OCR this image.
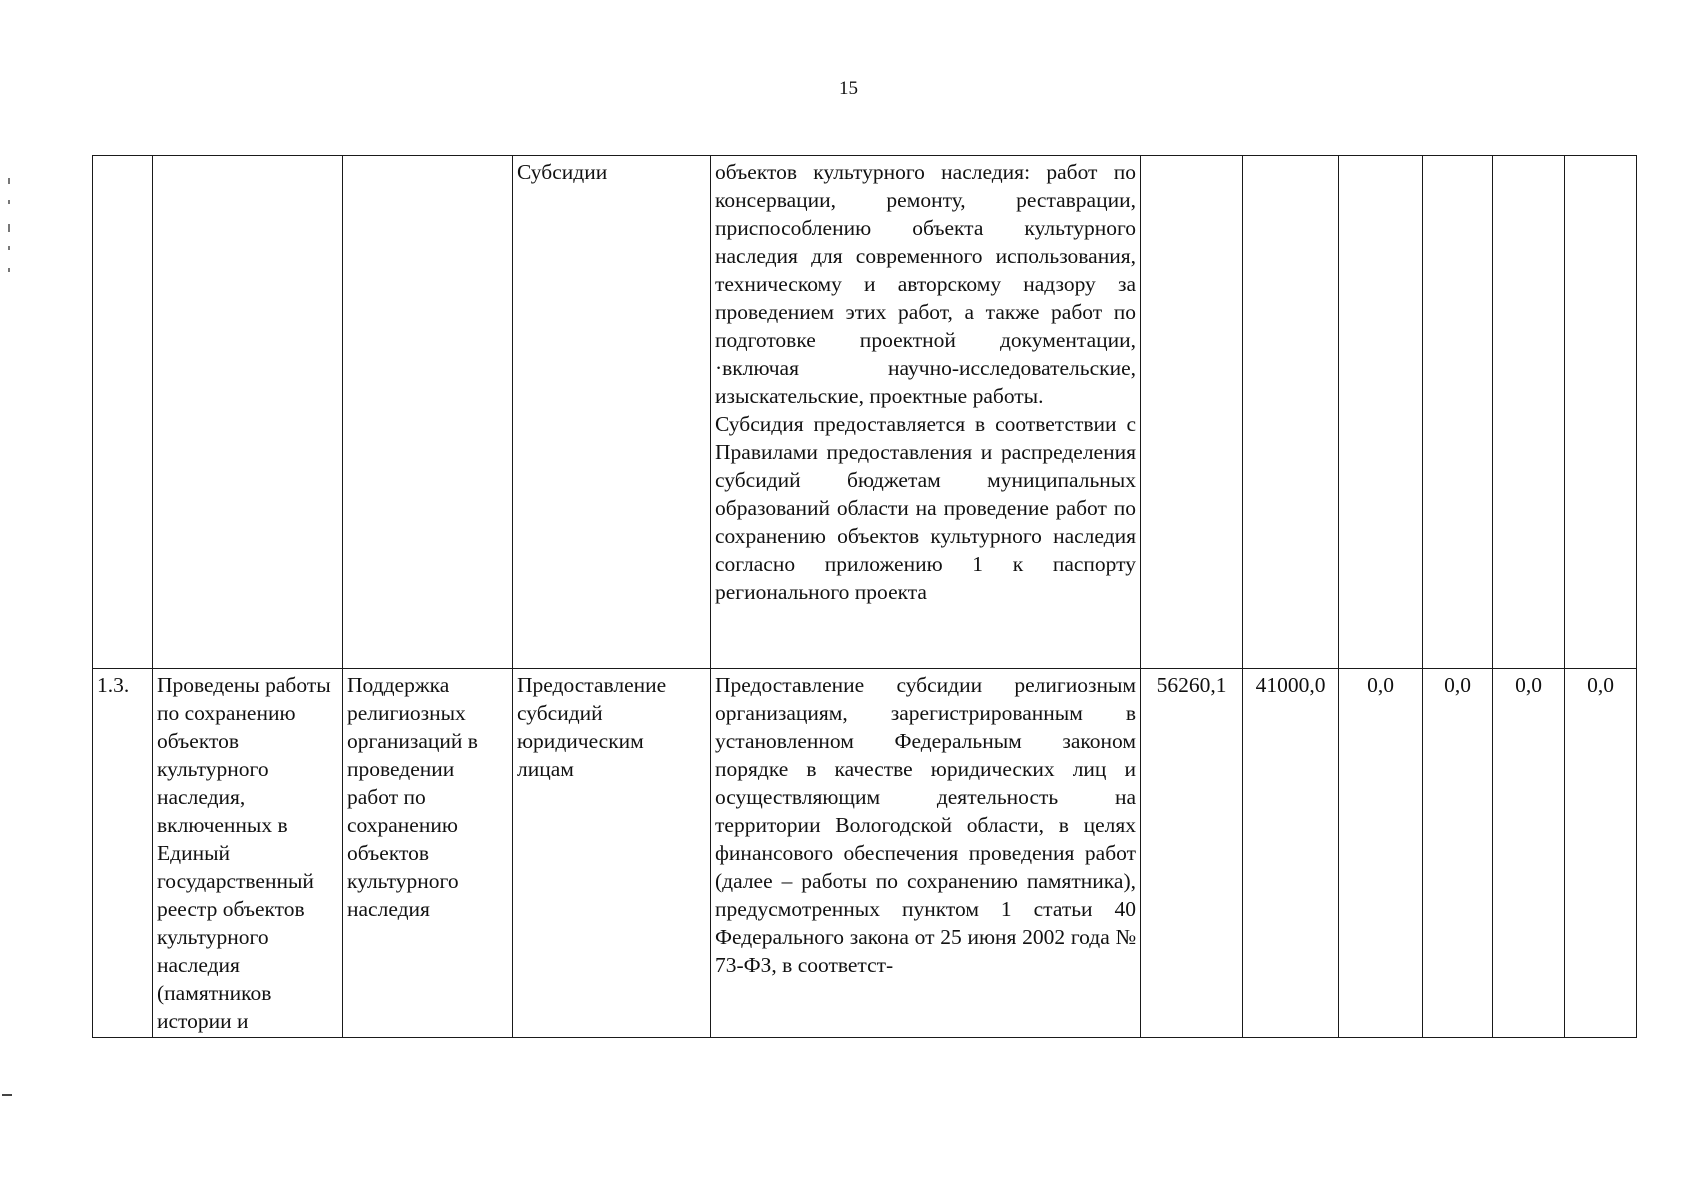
15
			Субсидии	объектов культурного наследия: работ по консервации, ремонту, реставрации, приспособлению объекта культурного наследия для современного использования, техническому и авторскому надзору за проведением этих работ, а также работ по подготовке проектной документации, ·включая научно-исследовательские, изыскательские, проектные работы.

Субсидия предоставляется в соответствии с Правилами предоставления и распределения субсидий бюджетам муниципальных образований области на проведение работ по сохранению объектов культурного наследия согласно приложению 1 к паспорту регионального проекта						

1.3.	Проведены работы по сохранению объектов культурного наследия, включенных в Единый государственный реестр объектов культурного наследия (памятников истории и	Поддержка религиозных организаций в проведении работ по сохранению объектов культурного наследия	Предоставление субсидий юридическим лицам	Предоставление субсидии религиозным организациям, зарегистрированным в установленном Федеральным законом порядке в качестве юридических лиц и осуществляющим деятельность на территории Вологодской области, в целях финансового обеспечения проведения работ (далее – работы по сохранению памятника), предусмотренных пунктом 1 статьи 40 Федерального закона от 25 июня 2002 года № 73-ФЗ, в соответст-	56260,1	41000,0	0,0	0,0	0,0	0,0
